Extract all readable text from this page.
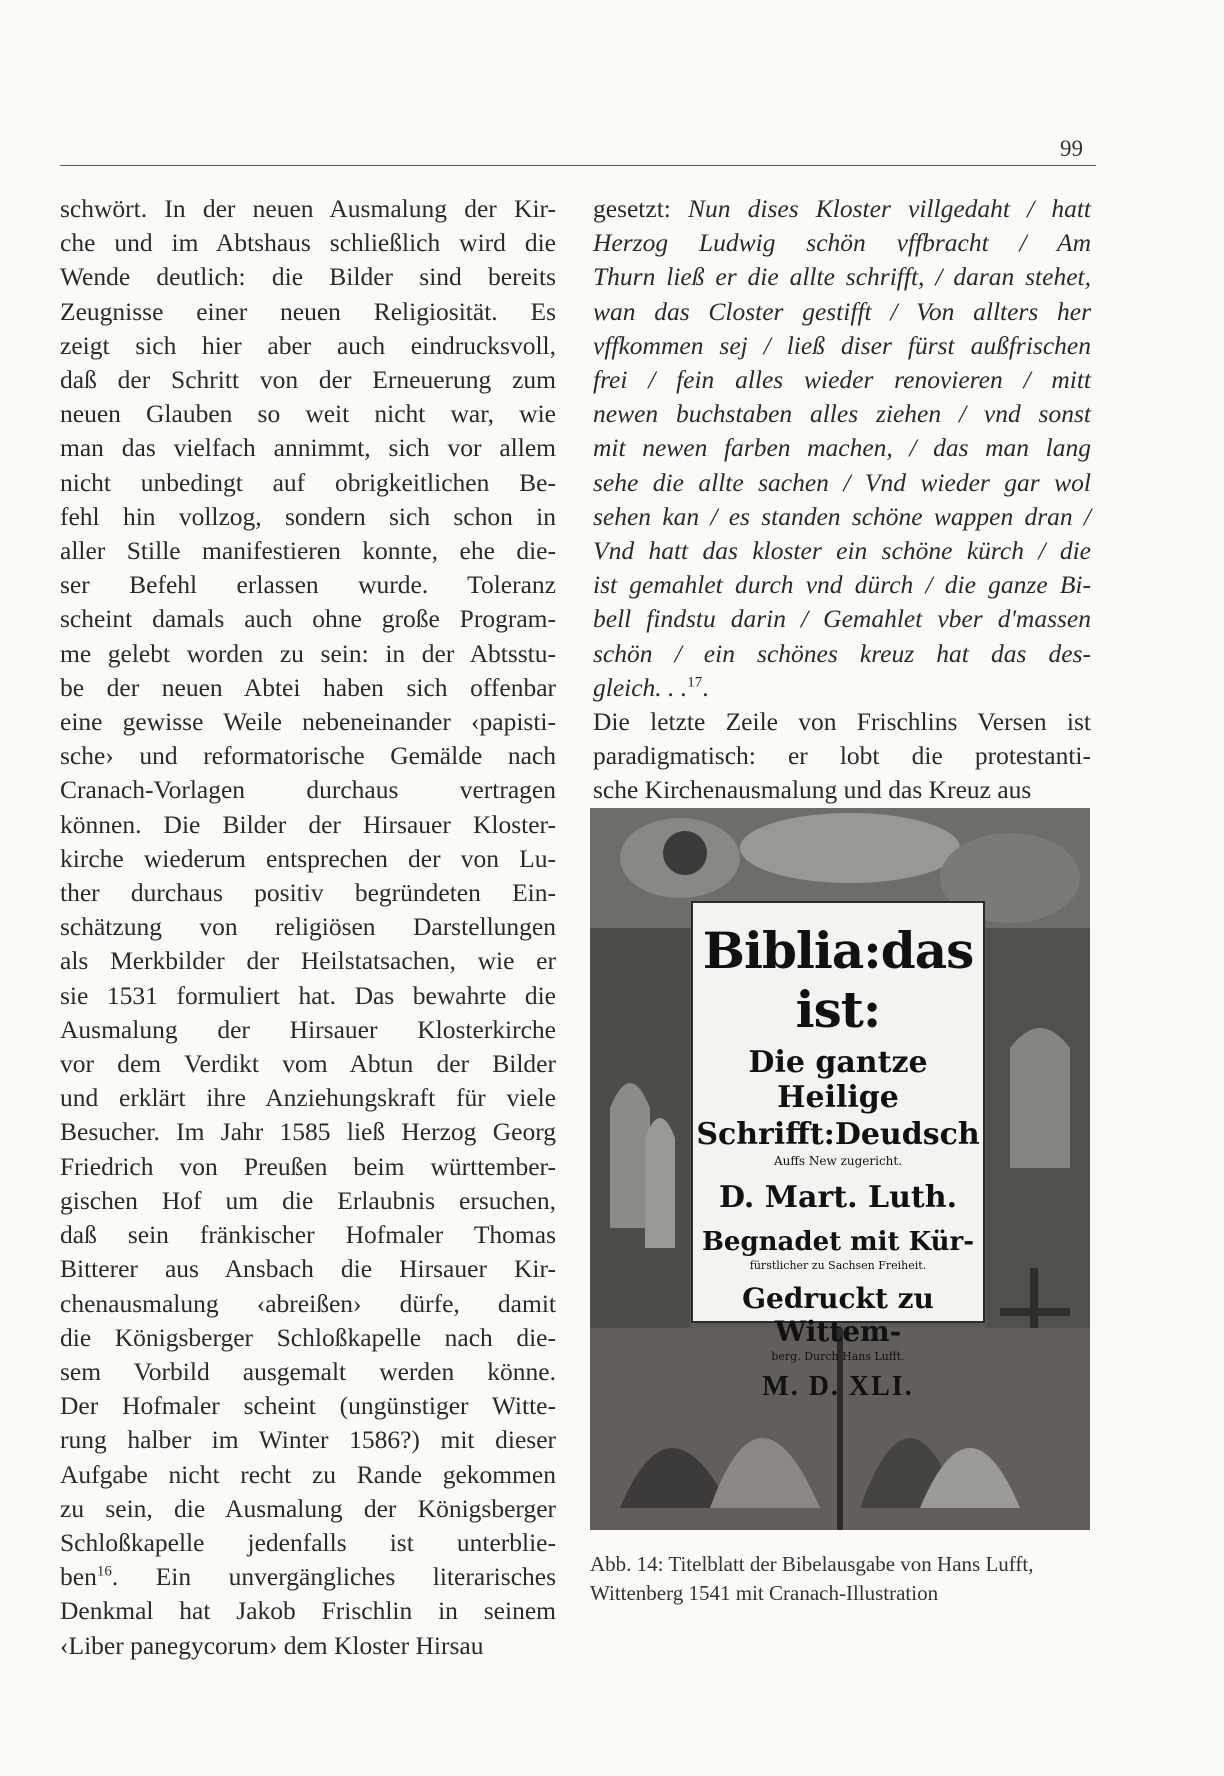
99
schwört. In der neuen Ausmalung der Kir-
che und im Abtshaus schließlich wird die
Wende deutlich: die Bilder sind bereits
Zeugnisse einer neuen Religiosität. Es
zeigt sich hier aber auch eindrucksvoll,
daß der Schritt von der Erneuerung zum
neuen Glauben so weit nicht war, wie
man das vielfach annimmt, sich vor allem
nicht unbedingt auf obrigkeitlichen Be-
fehl hin vollzog, sondern sich schon in
aller Stille manifestieren konnte, ehe die-
ser Befehl erlassen wurde. Toleranz
scheint damals auch ohne große Program-
me gelebt worden zu sein: in der Abtsstu-
be der neuen Abtei haben sich offenbar
eine gewisse Weile nebeneinander ‹papisti-
sche› und reformatorische Gemälde nach
Cranach-Vorlagen durchaus vertragen
können. Die Bilder der Hirsauer Kloster-
kirche wiederum entsprechen der von Lu-
ther durchaus positiv begründeten Ein-
schätzung von religiösen Darstellungen
als Merkbilder der Heilstatsachen, wie er
sie 1531 formuliert hat. Das bewahrte die
Ausmalung der Hirsauer Klosterkirche
vor dem Verdikt vom Abtun der Bilder
und erklärt ihre Anziehungskraft für viele
Besucher. Im Jahr 1585 ließ Herzog Georg
Friedrich von Preußen beim württember-
gischen Hof um die Erlaubnis ersuchen,
daß sein fränkischer Hofmaler Thomas
Bitterer aus Ansbach die Hirsauer Kir-
chenausmalung ‹abreißen› dürfe, damit
die Königsberger Schloßkapelle nach die-
sem Vorbild ausgemalt werden könne.
Der Hofmaler scheint (ungünstiger Witte-
rung halber im Winter 1586?) mit dieser
Aufgabe nicht recht zu Rande gekommen
zu sein, die Ausmalung der Königsberger
Schloßkapelle jedenfalls ist unterblie-
ben$^{16}$. Ein unvergängliches literarisches
Denkmal hat Jakob Frischlin in seinem
‹Liber panegycorum› dem Kloster Hirsau
gesetzt: Nun dises Kloster villgedaht / hatt
Herzog Ludwig schön vffbracht / Am
Thurn ließ er die allte schrifft, / daran stehet,
wan das Closter gestifft / Von allters her
vffkommen sej / ließ diser fürst außfrischen
frei / fein alles wieder renovieren / mitt
newen buchstaben alles ziehen / vnd sonst
mit newen farben machen, / das man lang
sehe die allte sachen / Vnd wieder gar wol
sehen kan / es standen schöne wappen dran /
Vnd hatt das kloster ein schöne kürch / die
ist gemahlet durch vnd dürch / die ganze Bi-
bell findstu darin / Gemahlet vber d'massen
schön / ein schönes kreuz hat das des-
gleich. . .$^{17}$.
Die letzte Zeile von Frischlins Versen ist
paradigmatisch: er lobt die protestanti-
sche Kirchenausmalung und das Kreuz aus
Biblia:das ist:
Die gantze Heilige
Schrifft:Deudsch
Auffs New zugericht.
D. Mart. Luth.
Begnadet mit Kür-
fürstlicher zu Sachsen Freiheit.
Gedruckt zu Wittem-
berg. Durch Hans Lufft.
M. D. XLI.
Abb. 14: Titelblatt der Bibelausgabe von Hans Lufft,
Wittenberg 1541 mit Cranach-Illustration
